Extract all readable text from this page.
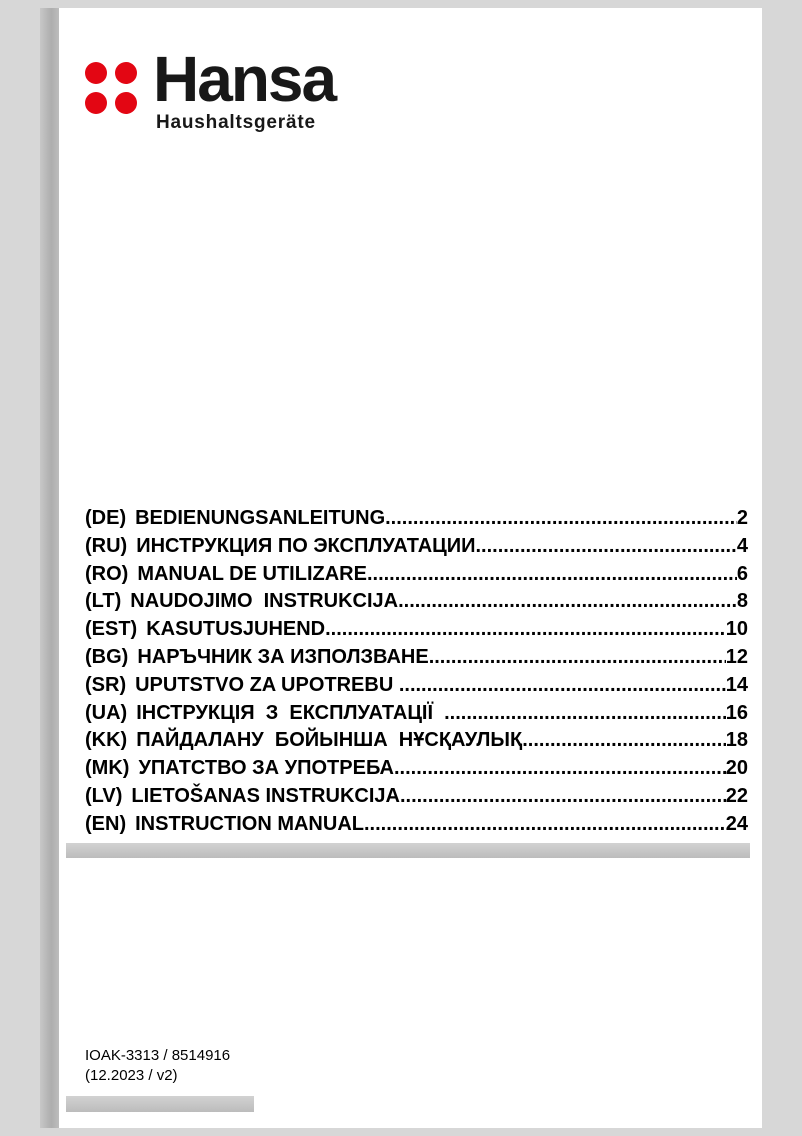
Hansa
Haushaltsgeräte
(DE) BEDIENUNGSANLEITUNG .....	2
(RU) ИНСТРУКЦИЯ ПО ЭКСПЛУАТАЦИИ .....	4
(RO) MANUAL DE UTILIZARE .....	6
(LT) NAUDOJIMO  INSTRUKCIJA .....	8
(EST) KASUTUSJUHEND .....	10
(BG) НАРЪЧНИК ЗА ИЗПОЛЗВАНЕ .....	12
(SR) UPUTSTVO ZA UPOTREBU .....	14
(UA) ІНСТРУКЦІЯ  З  ЕКСПЛУАТАЦІЇ .....	16
(KK) ПАЙДАЛАНУ  БОЙЫНША  НҰСҚАУЛЫҚ .....	18
(MK) УПАТСТВО ЗА УПОТРЕБА .....	20
(LV) LIETOŠANAS INSTRUKCIJA .....	22
(EN) INSTRUCTION MANUAL .....	24
IOAK-3313 / 8514916
(12.2023 / v2)
